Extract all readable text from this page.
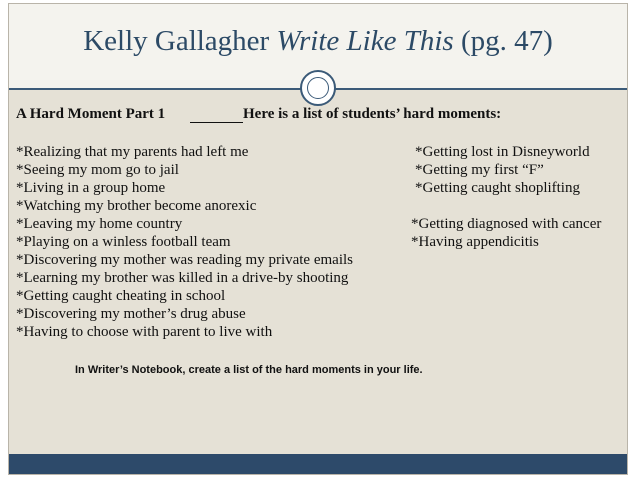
Kelly Gallagher Write Like This (pg. 47)
A Hard Moment Part 1	Here is a list of students’ hard moments:
*Realizing that my parents had left me
*Seeing my mom go to jail
*Living in a group home
*Watching my brother become anorexic
*Leaving my home country
*Playing on a winless football team
*Discovering my mother was reading my private emails
*Learning my brother was killed in a drive-by shooting
*Getting caught cheating in school
*Discovering my mother’s drug abuse
*Having to choose with parent to live with
*Getting lost in Disneyworld
*Getting my first “F”
*Getting caught shoplifting
*Getting diagnosed with cancer
*Having appendicitis
In Writer’s Notebook, create a list of the hard moments in your life.
